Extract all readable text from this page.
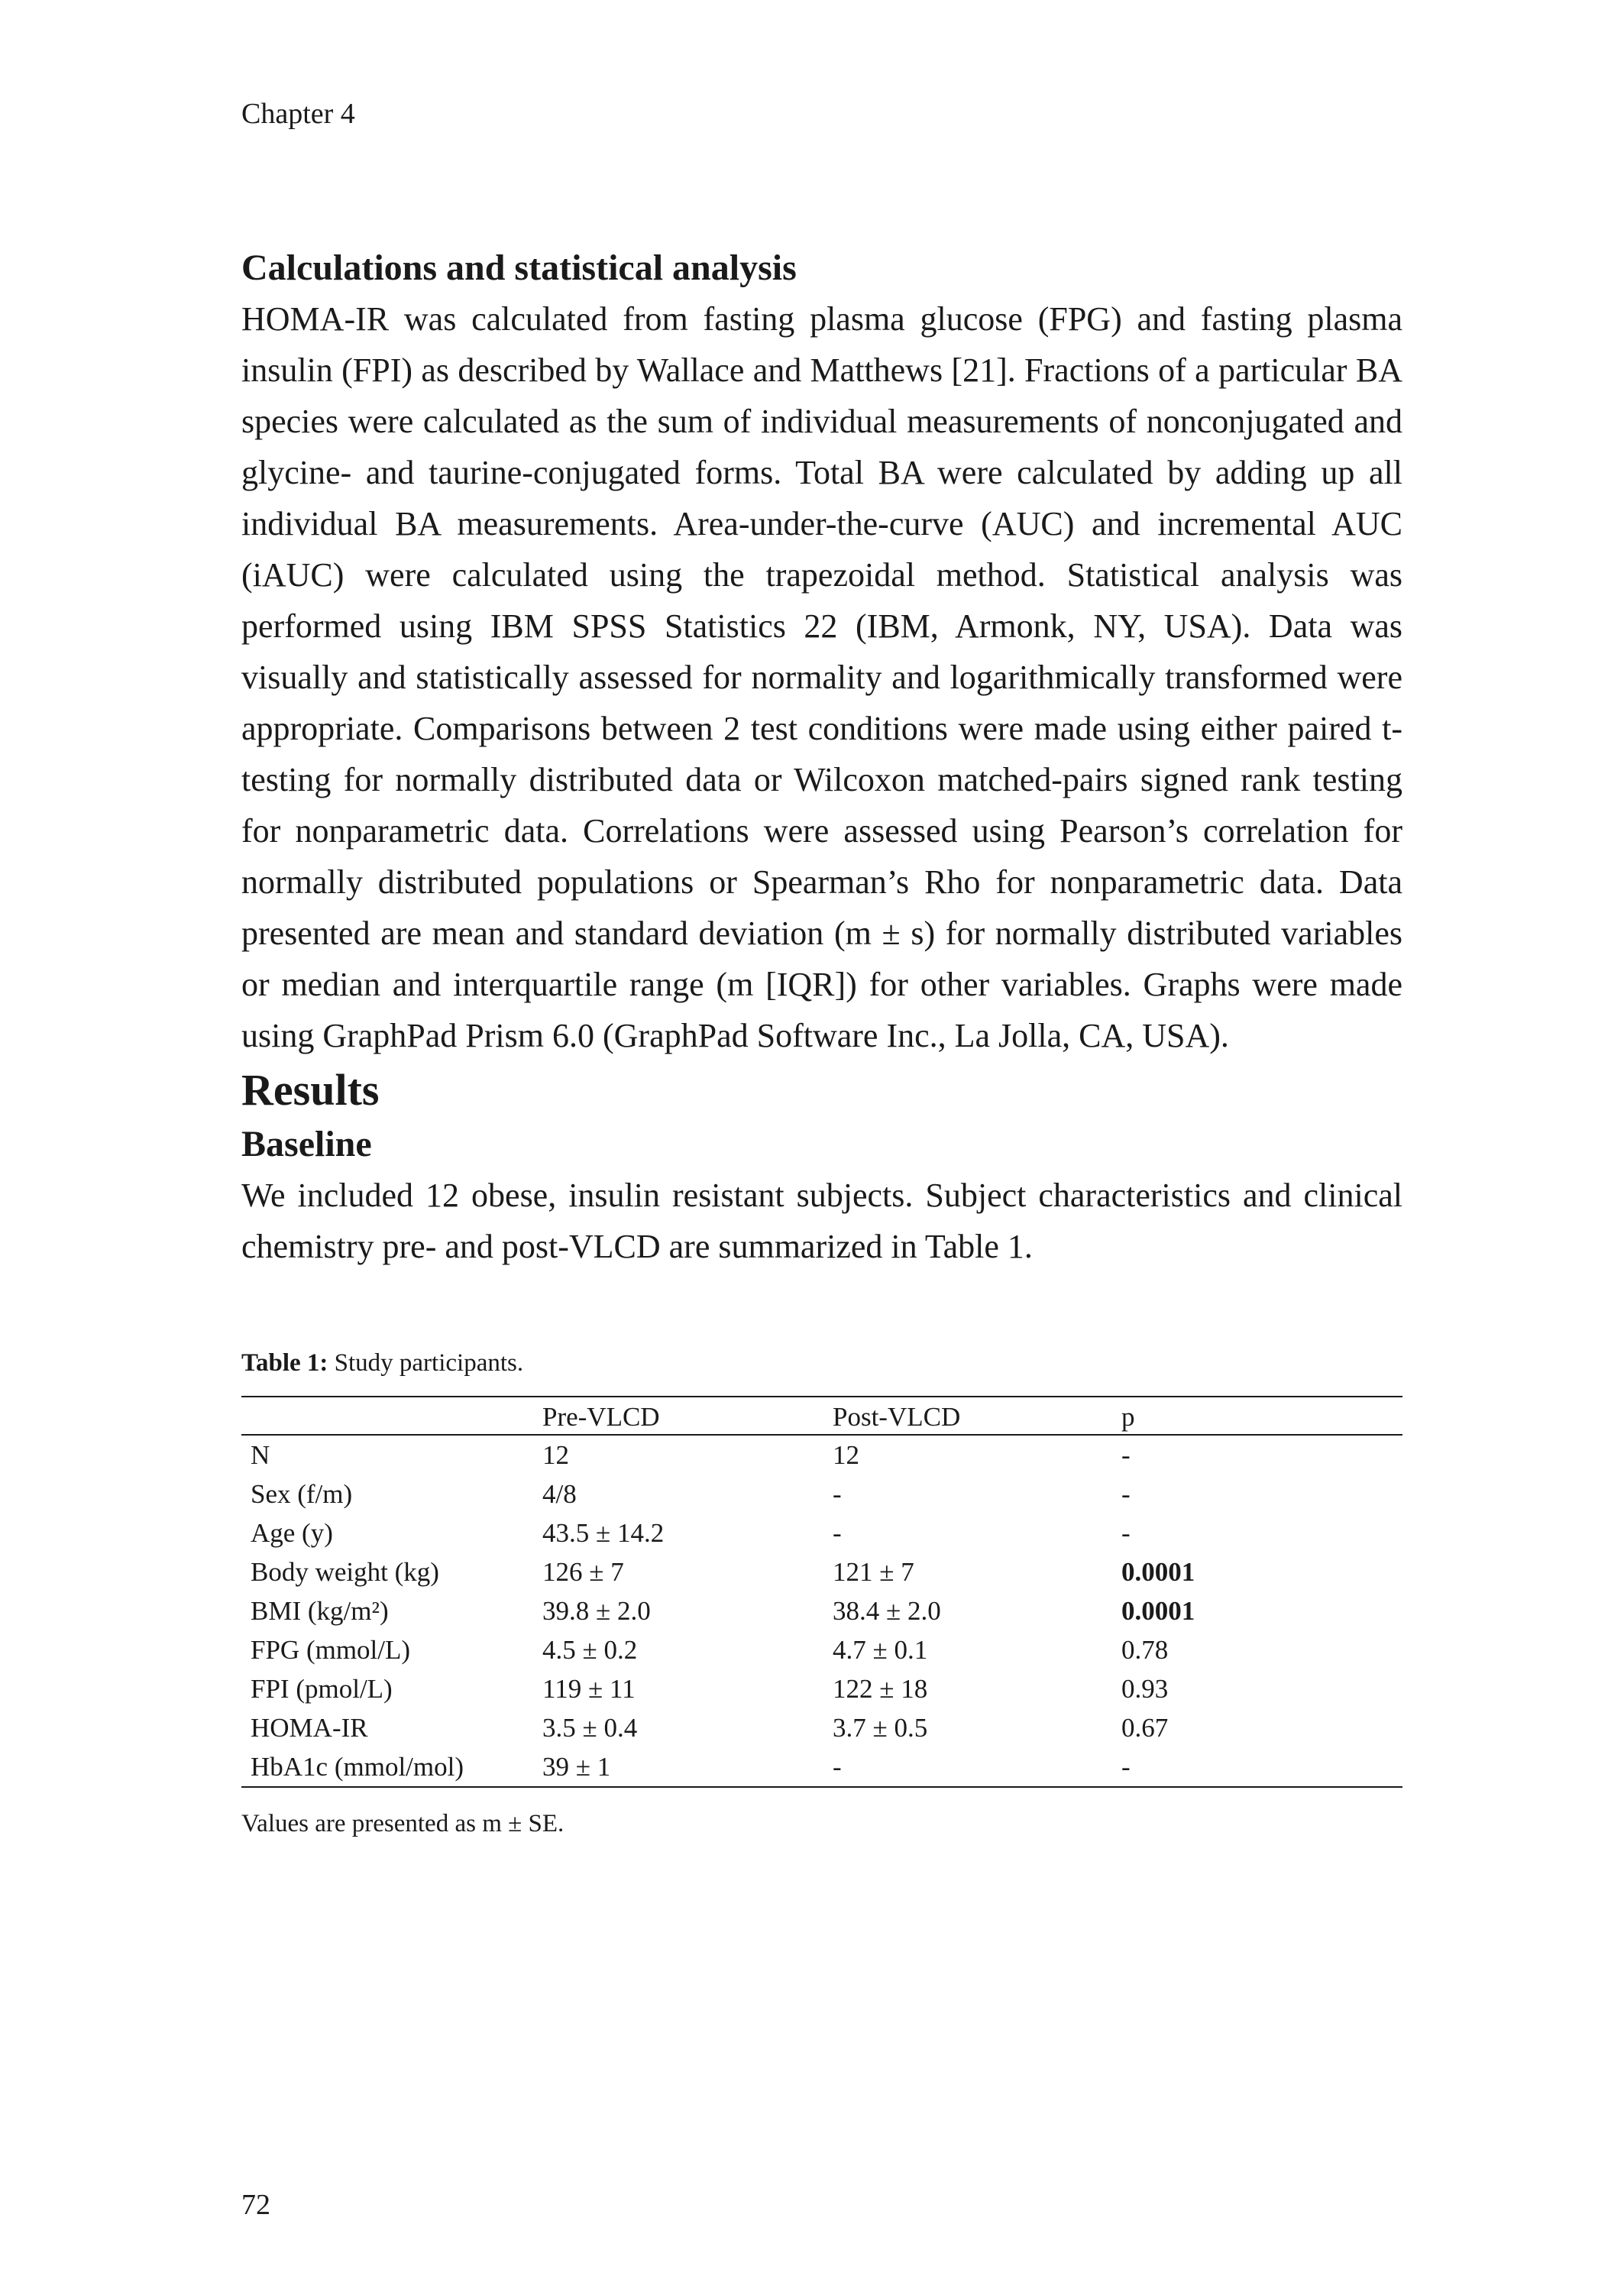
Chapter 4
Calculations and statistical analysis

HOMA-IR was calculated from fasting plasma glucose (FPG) and fasting plasma insulin (FPI) as described by Wallace and Matthews [21]. Fractions of a particular BA species were calculated as the sum of individual measurements of nonconjugated and glycine- and taurine-conjugated forms. Total BA were calculated by adding up all individual BA measurements. Area-under-the-curve (AUC) and incremental AUC (iAUC) were calculated using the trapezoidal method. Statistical analysis was performed using IBM SPSS Statistics 22 (IBM, Armonk, NY, USA). Data was visually and statistically assessed for normality and logarithmically transformed were appropriate. Comparisons between 2 test conditions were made using either paired t-testing for normally distributed data or Wilcoxon matched-pairs signed rank testing for nonparametric data. Correlations were assessed using Pearson’s correlation for normally distributed populations or Spearman’s Rho for nonparametric data. Data presented are mean and standard deviation (m ± s) for normally distributed variables or median and interquartile range (m [IQR]) for other variables. Graphs were made using GraphPad Prism 6.0 (GraphPad Software Inc., La Jolla, CA, USA).

Results
Baseline

We included 12 obese, insulin resistant subjects. Subject characteristics and clinical chemistry pre- and post-VLCD are summarized in Table 1.

Table 1: Study participants.
	Pre-VLCD	Post-VLCD	p
N	12	12	-
Sex (f/m)	4/8	-	-
Age (y)	43.5 ± 14.2	-	-
Body weight (kg)	126 ± 7	121 ± 7	0.0001
BMI (kg/m²)	39.8 ± 2.0	38.4 ± 2.0	0.0001
FPG (mmol/L)	4.5 ± 0.2	4.7 ± 0.1	0.78
FPI (pmol/L)	119 ± 11	122 ± 18	0.93
HOMA-IR	3.5 ± 0.4	3.7 ± 0.5	0.67
HbA1c (mmol/mol)	39 ± 1	-	-
Values are presented as m ± SE.
72
